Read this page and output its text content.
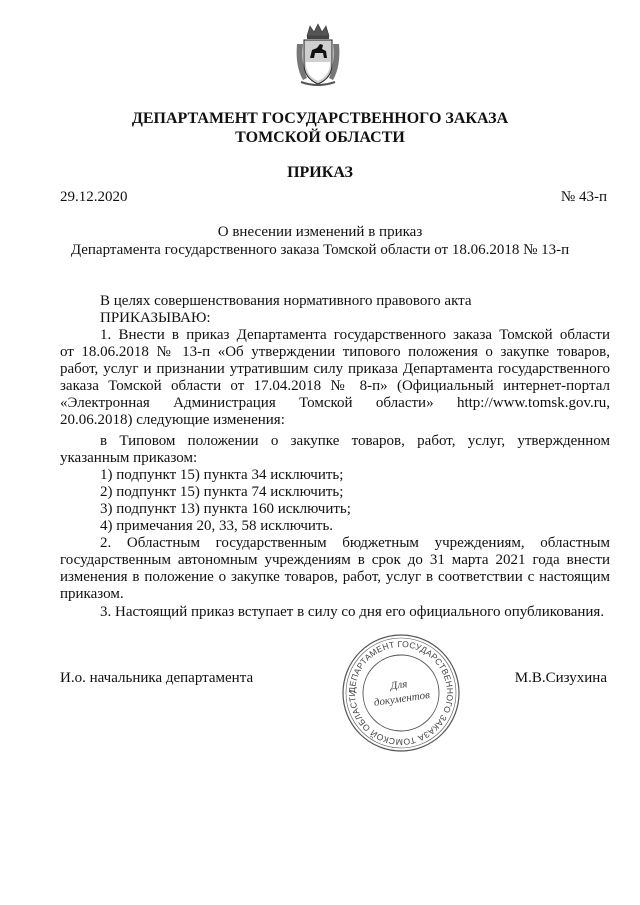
ДЕПАРТАМЕНТ ГОСУДАРСТВЕННОГО ЗАКАЗА
ТОМСКОЙ ОБЛАСТИ
ПРИКАЗ
29.12.2020	№ 43-п
О внесении изменений в приказ
Департамента государственного заказа Томской области от 18.06.2018 № 13-п
В целях совершенствования нормативного правового акта
ПРИКАЗЫВАЮ:
1. Внести в приказ Департамента государственного заказа Томской области
от 18.06.2018 № 13-п «Об утверждении типового положения о закупке товаров,
работ, услуг и признании утратившим силу приказа Департамента государственного
заказа Томской области от 17.04.2018 № 8-п» (Официальный интернет-портал
«Электронная Администрация Томской области» http://www.tomsk.gov.ru,
20.06.2018) следующие изменения:
в Типовом положении о закупке товаров, работ, услуг, утвержденном
указанным приказом:
1) подпункт 15) пункта 34 исключить;
2) подпункт 15) пункта 74 исключить;
3) подпункт 13) пункта 160 исключить;
4) примечания 20, 33, 58 исключить.
2. Областным государственным бюджетным учреждениям, областным
государственным автономным учреждениям в срок до 31 марта 2021 года внести
изменения в положение о закупке товаров, работ, услуг в соответствии с настоящим
приказом.
3. Настоящий приказ вступает в силу со дня его официального опубликования.
И.о. начальника департамента	М.В.Сизухина
ДЕПАРТАМЕНТ ГОСУДАРСТВЕННОГО ЗАКАЗА ТОМСКОЙ ОБЛАСТИ
Для
документов
